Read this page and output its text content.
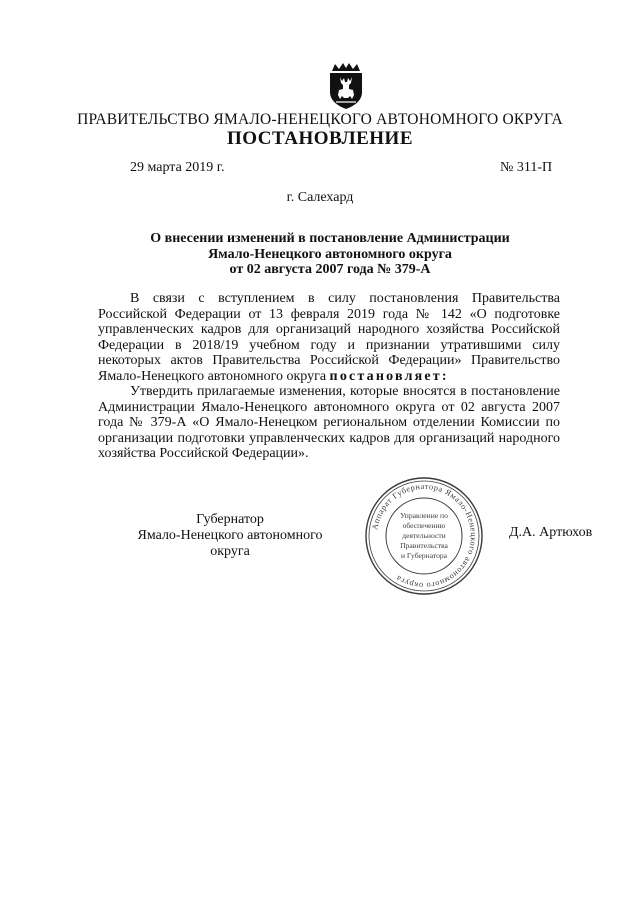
ПРАВИТЕЛЬСТВО ЯМАЛО-НЕНЕЦКОГО АВТОНОМНОГО ОКРУГА
ПОСТАНОВЛЕНИЕ
29 марта 2019 г.	№ 311-П
г. Салехард
О внесении изменений в постановление Администрации
Ямало-Ненецкого автономного округа
от 02 августа 2007 года № 379-А

В связи с вступлением в силу постановления Правительства Российской Федерации от 13 февраля 2019 года № 142 «О подготовке управленческих кадров для организаций народного хозяйства Российской Федерации в 2018/19 учебном году и признании утратившими силу некоторых актов Правительства Российской Федерации» Правительство Ямало-Ненецкого автономного округа постановляет:

Утвердить прилагаемые изменения, которые вносятся в постановление Администрации Ямало-Ненецкого автономного округа от 02 августа 2007 года № 379-А «О Ямало-Ненецком региональном отделении Комиссии по организации подготовки управленческих кадров для организаций народного хозяйства Российской Федерации».

Губернатор
Ямало-Ненецкого автономного округа
Аппарат Губернатора Ямало-Ненецкого автономного округа
Управление по
обеспечению
деятельности
Правительства
и Губернатора
Д.А. Артюхов
